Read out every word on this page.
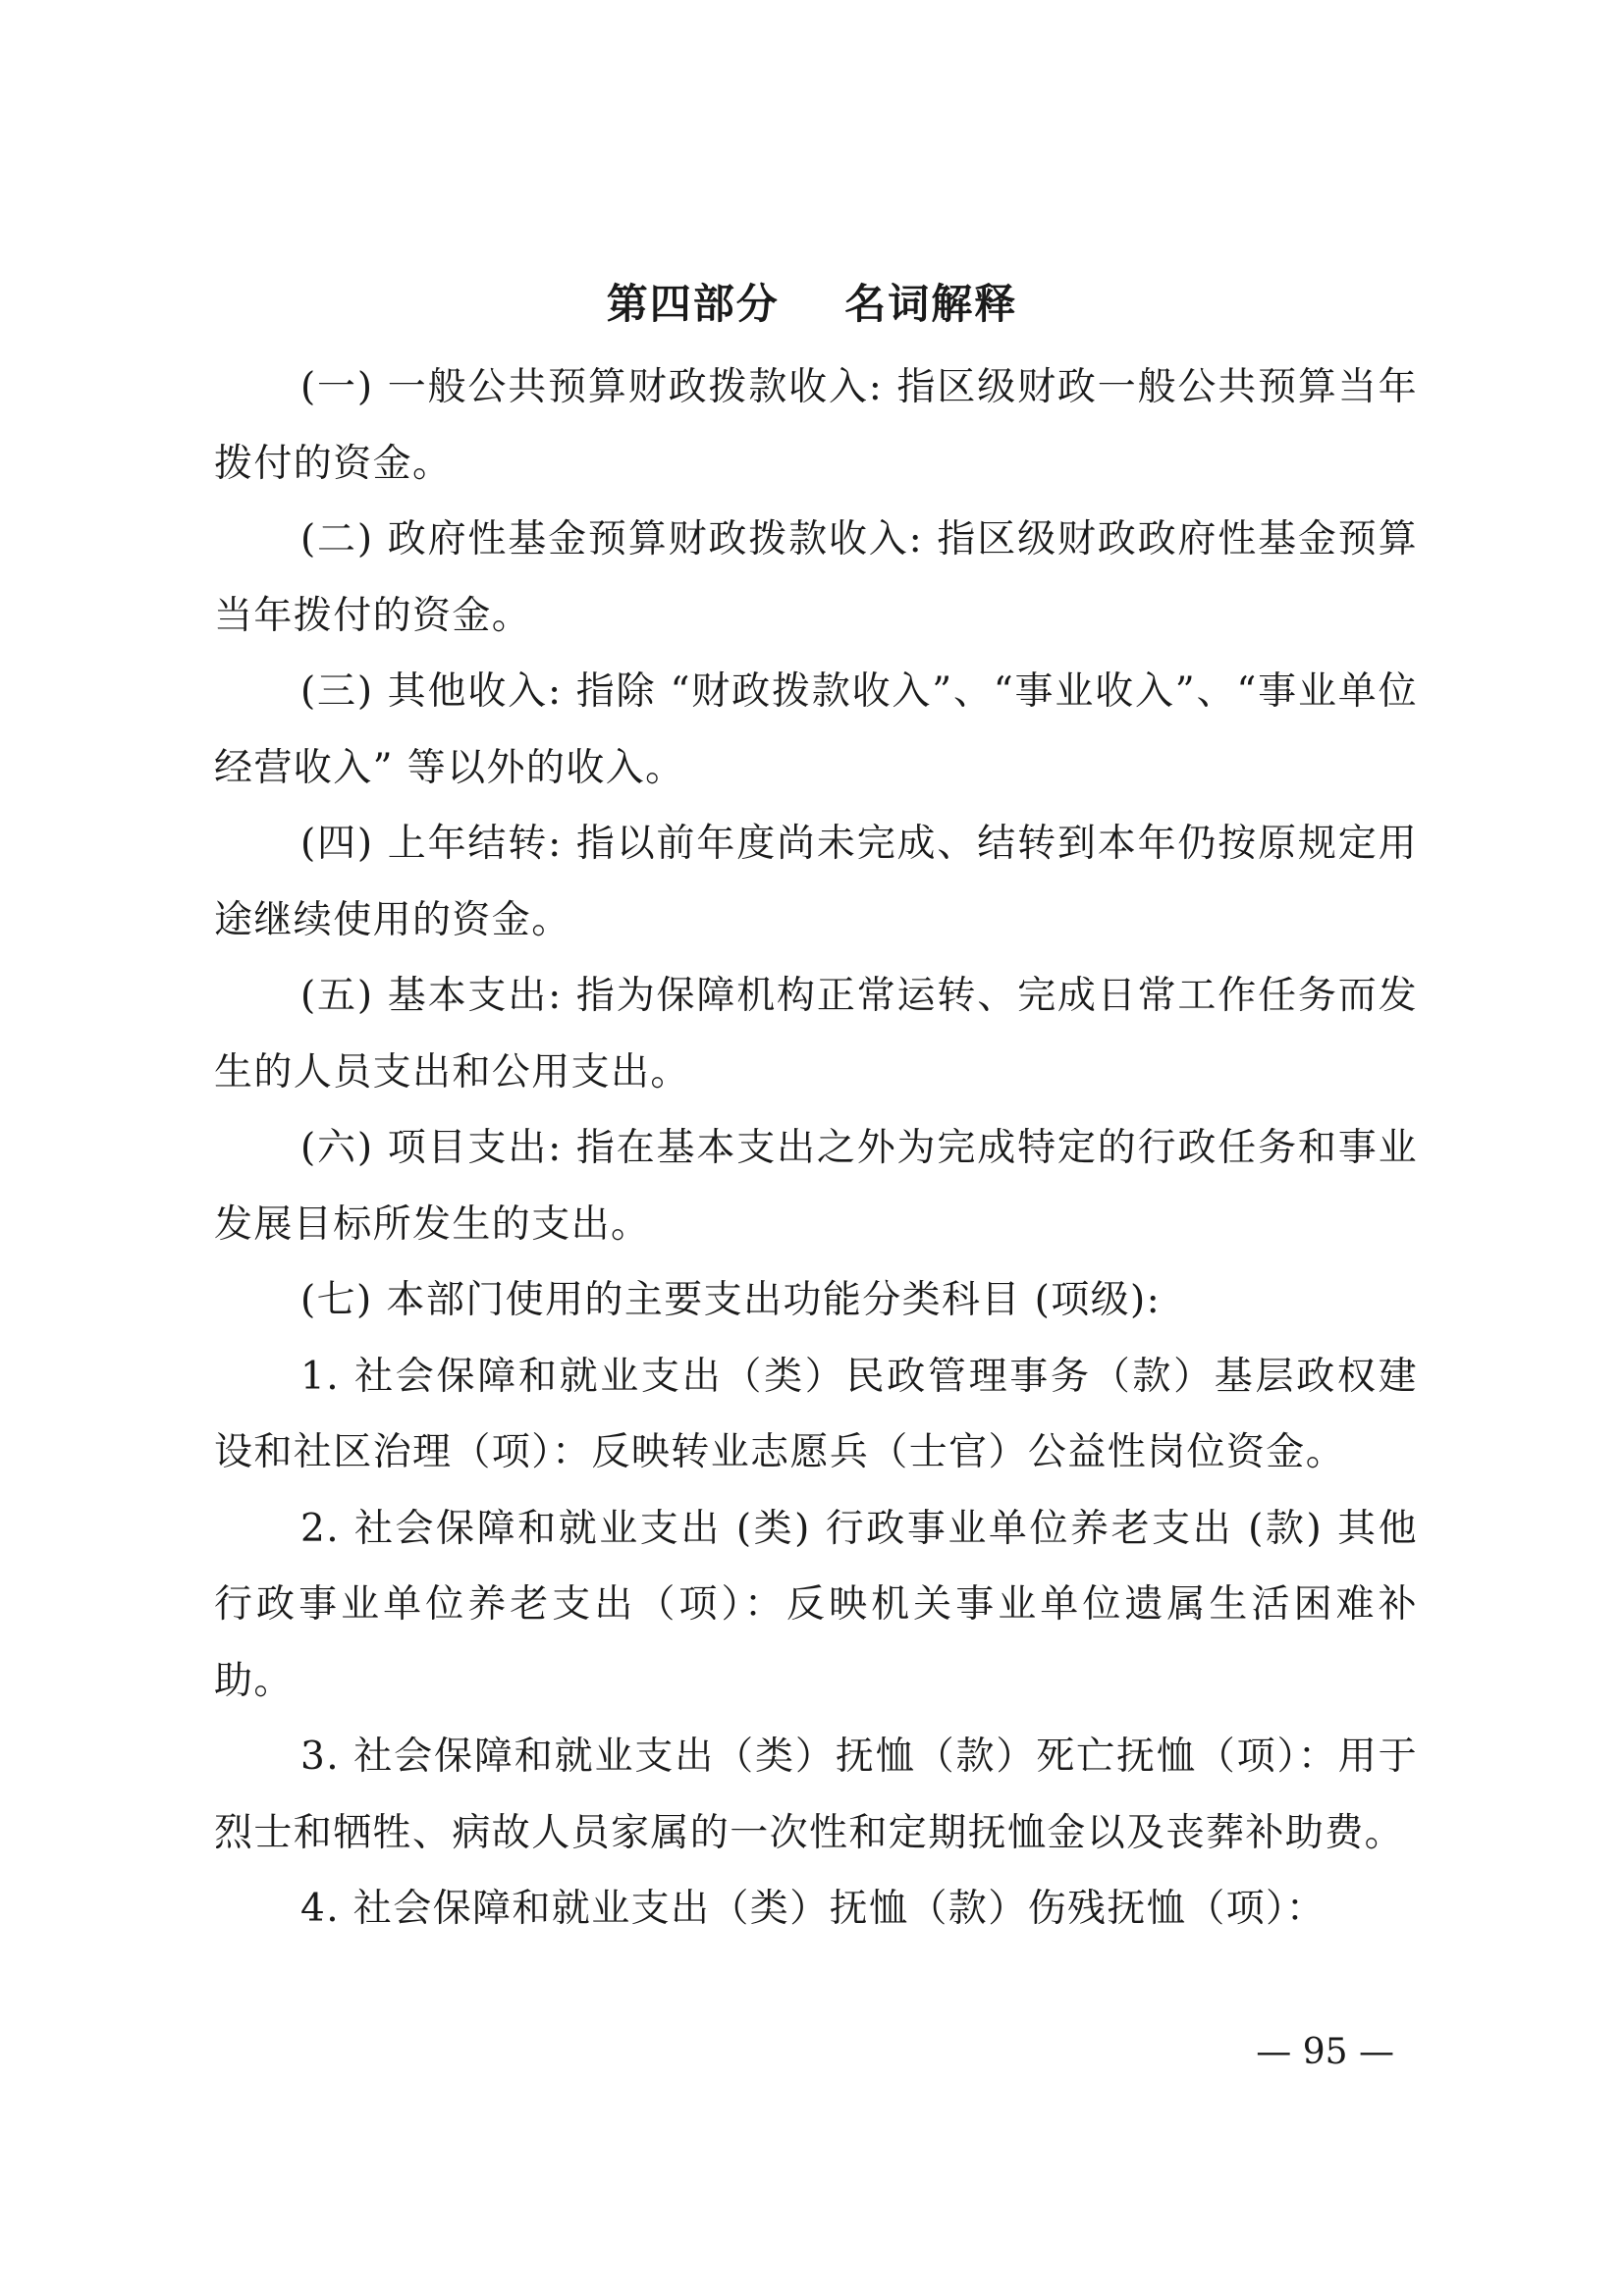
第四部分    名词解释

(一) 一般公共预算财政拨款收入: 指区级财政一般公共预算当年拨付的资金。

(二) 政府性基金预算财政拨款收入: 指区级财政政府性基金预算当年拨付的资金。

(三) 其他收入: 指除 “财政拨款收入”、“事业收入”、“事业单位经营收入” 等以外的收入。

(四) 上年结转: 指以前年度尚未完成、结转到本年仍按原规定用途继续使用的资金。

(五) 基本支出: 指为保障机构正常运转、完成日常工作任务而发生的人员支出和公用支出。

(六) 项目支出: 指在基本支出之外为完成特定的行政任务和事业发展目标所发生的支出。

(七) 本部门使用的主要支出功能分类科目 (项级):

1. 社会保障和就业支出（类）民政管理事务（款）基层政权建设和社区治理（项）：反映转业志愿兵（士官）公益性岗位资金。

2. 社会保障和就业支出 (类) 行政事业单位养老支出 (款) 其他行政事业单位养老支出（项）：反映机关事业单位遗属生活困难补助。

3. 社会保障和就业支出（类）抚恤（款）死亡抚恤（项）：用于烈士和牺牲、病故人员家属的一次性和定期抚恤金以及丧葬补助费。

4. 社会保障和就业支出（类）抚恤（款）伤残抚恤（项）：

— 95 —
